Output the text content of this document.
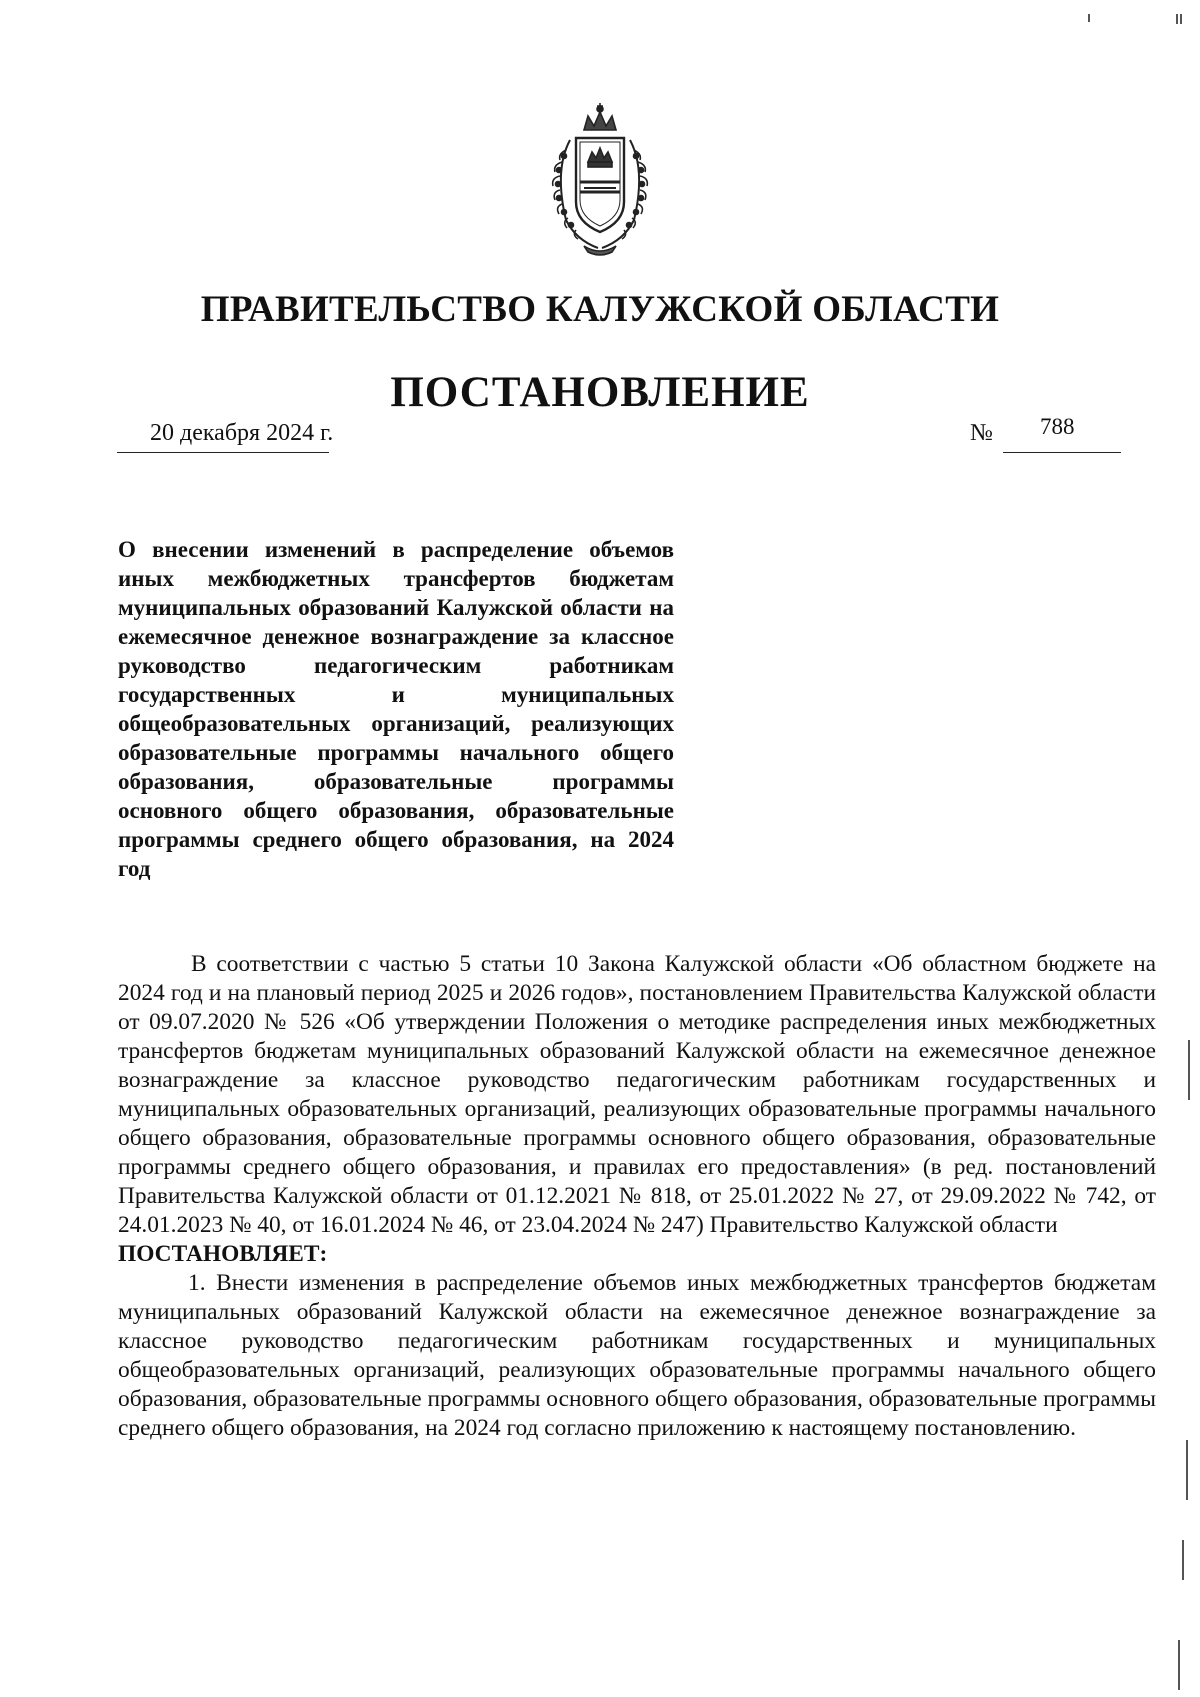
ПРАВИТЕЛЬСТВО КАЛУЖСКОЙ ОБЛАСТИ
ПОСТАНОВЛЕНИЕ
20 декабря 2024 г.	№ 788
О внесении изменений в распределение объемов иных межбюджетных трансфертов бюджетам муниципальных образований Калужской области на ежемесячное денежное вознаграждение за классное руководство педагогическим работникам государственных и муниципальных общеобразовательных организаций, реализующих образовательные программы начального общего образования, образовательные программы основного общего образования, образовательные программы среднего общего образования, на 2024 год

В соответствии с частью 5 статьи 10 Закона Калужской области «Об областном бюджете на 2024 год и на плановый период 2025 и 2026 годов», постановлением Правительства Калужской области от 09.07.2020 № 526 «Об утверждении Положения о методике распределения иных межбюджетных трансфертов бюджетам муниципальных образований Калужской области на ежемесячное денежное вознаграждение за классное руководство педагогическим работникам государственных и муниципальных образовательных организаций, реализующих образовательные программы начального общего образования, образовательные программы основного общего образования, образовательные программы среднего общего образования, и правилах его предоставления» (в ред. постановлений Правительства Калужской области от 01.12.2021 № 818, от 25.01.2022 № 27, от 29.09.2022 № 742, от 24.01.2023 № 40, от 16.01.2024 № 46, от 23.04.2024 № 247) Правительство Калужской области

ПОСТАНОВЛЯЕТ:

1. Внести изменения в распределение объемов иных межбюджетных трансфертов бюджетам муниципальных образований Калужской области на ежемесячное денежное вознаграждение за классное руководство педагогическим работникам государственных и муниципальных общеобразовательных организаций, реализующих образовательные программы начального общего образования, образовательные программы основного общего образования, образовательные программы среднего общего образования, на 2024 год согласно приложению к настоящему постановлению.
